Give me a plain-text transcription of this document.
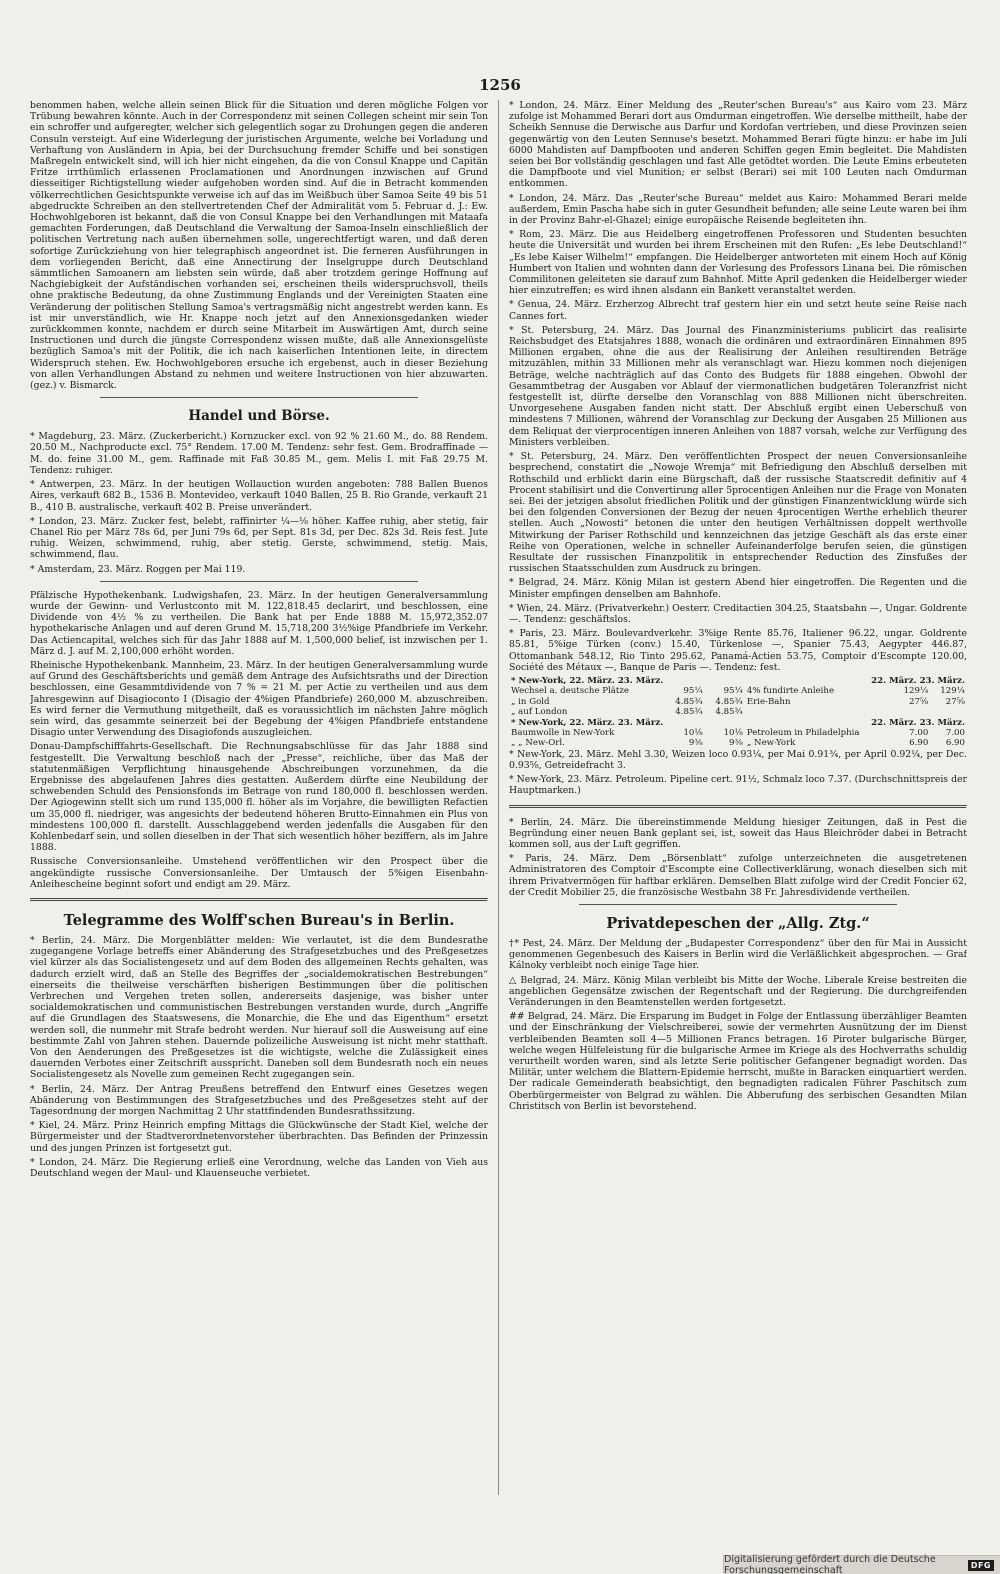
1256

benommen haben, welche allein seinen Blick für die Situation und deren mögliche Folgen vor Trübung bewahren könnte. Auch in der Correspondenz mit seinen Collegen scheint mir sein Ton ein schroffer und aufgeregter, welcher sich gelegentlich sogar zu Drohungen gegen die anderen Consuln versteigt. Auf eine Widerlegung der juristischen Argumente, welche bei Vorladung und Verhaftung von Ausländern in Apia, bei der Durchsuchung fremder Schiffe und bei sonstigen Maßregeln entwickelt sind, will ich hier nicht eingehen, da die von Consul Knappe und Capitän Fritze irrthümlich erlassenen Proclamationen und Anordnungen inzwischen auf Grund diesseitiger Richtigstellung wieder aufgehoben worden sind. Auf die in Betracht kommenden völkerrechtlichen Gesichtspunkte verweise ich auf das im Weißbuch über Samoa Seite 49 bis 51 abgedruckte Schreiben an den stellvertretenden Chef der Admiralität vom 5. Februar d. J.: Ew. Hochwohlgeboren ist bekannt, daß die von Consul Knappe bei den Verhandlungen mit Mataafa gemachten Forderungen, daß Deutschland die Verwaltung der Samoa-Inseln einschließlich der politischen Vertretung nach außen übernehmen solle, ungerechtfertigt waren, und daß deren sofortige Zurückziehung von hier telegraphisch angeordnet ist. Die ferneren Ausführungen in dem vorliegenden Bericht, daß eine Annectirung der Inselgruppe durch Deutschland sämmtlichen Samoanern am liebsten sein würde, daß aber trotzdem geringe Hoffnung auf Nachgiebigkeit der Aufständischen vorhanden sei, erscheinen theils widerspruchsvoll, theils ohne praktische Bedeutung, da ohne Zustimmung Englands und der Vereinigten Staaten eine Veränderung der politischen Stellung Samoa's vertragsmäßig nicht angestrebt werden kann. Es ist mir unverständlich, wie Hr. Knappe noch jetzt auf den Annexionsgedanken wieder zurückkommen konnte, nachdem er durch seine Mitarbeit im Auswärtigen Amt, durch seine Instructionen und durch die jüngste Correspondenz wissen mußte, daß alle Annexionsgelüste bezüglich Samoa's mit der Politik, die ich nach kaiserlichen Intentionen leite, in directem Widerspruch stehen. Ew. Hochwohlgeboren ersuche ich ergebenst, auch in dieser Beziehung von allen Verhandlungen Abstand zu nehmen und weitere Instructionen von hier abzuwarten. (gez.) v. Bismarck.

Handel und Börse.

* Magdeburg, 23. März. (Zuckerbericht.) Kornzucker excl. von 92 % 21.60 M., do. 88 Rendem. 20.50 M., Nachproducte excl. 75° Rendem. 17.00 M. Tendenz: sehr fest. Gem. Brodraffinade — M. do. feine 31.00 M., gem. Raffinade mit Faß 30.85 M., gem. Melis I. mit Faß 29.75 M. Tendenz: ruhiger.

* Antwerpen, 23. März. In der heutigen Wollauction wurden angeboten: 788 Ballen Buenos Aires, verkauft 682 B., 1536 B. Montevideo, verkauft 1040 Ballen, 25 B. Rio Grande, verkauft 21 B., 410 B. australische, verkauft 402 B. Preise unverändert.

* London, 23. März. Zucker fest, belebt, raffinirter ¼—⅛ höher. Kaffee ruhig, aber stetig, fair Chanel Rio per März 78s 6d, per Juni 79s 6d, per Sept. 81s 3d, per Dec. 82s 3d. Reis fest. Jute ruhig. Weizen, schwimmend, ruhig, aber stetig. Gerste, schwimmend, stetig. Mais, schwimmend, flau.

* Amsterdam, 23. März. Roggen per Mai 119.

Pfälzische Hypothekenbank. Ludwigshafen, 23. März. In der heutigen Generalversammlung wurde der Gewinn- und Verlustconto mit M. 122,818.45 declarirt, und beschlossen, eine Dividende von 4½ % zu vertheilen. Die Bank hat per Ende 1888 M. 15,972,352.07 hypothekarische Anlagen und auf deren Grund M. 15,718,200 3½%ige Pfandbriefe im Verkehr. Das Actiencapital, welches sich für das Jahr 1888 auf M. 1,500,000 belief, ist inzwischen per 1. März d. J. auf M. 2,100,000 erhöht worden.

Rheinische Hypothekenbank. Mannheim, 23. März. In der heutigen Generalversammlung wurde auf Grund des Geschäftsberichts und gemäß dem Antrage des Aufsichtsraths und der Direction beschlossen, eine Gesammtdividende von 7 % = 21 M. per Actie zu vertheilen und aus dem Jahresgewinn auf Disagioconto I (Disagio der 4%igen Pfandbriefe) 260,000 M. abzuschreiben. Es wird ferner die Vermuthung mitgetheilt, daß es voraussichtlich im nächsten Jahre möglich sein wird, das gesammte seinerzeit bei der Begebung der 4%igen Pfandbriefe entstandene Disagio unter Verwendung des Disagiofonds auszugleichen.

Donau-Dampfschifffahrts-Gesellschaft. Die Rechnungsabschlüsse für das Jahr 1888 sind festgestellt. Die Verwaltung beschloß nach der „Presse“, reichliche, über das Maß der statutenmäßigen Verpflichtung hinausgehende Abschreibungen vorzunehmen, da die Ergebnisse des abgelaufenen Jahres dies gestatten. Außerdem dürfte eine Neubildung der schwebenden Schuld des Pensionsfonds im Betrage von rund 180,000 fl. beschlossen werden. Der Agiogewinn stellt sich um rund 135,000 fl. höher als im Vorjahre, die bewilligten Refactien um 35,000 fl. niedriger, was angesichts der bedeutend höheren Brutto-Einnahmen ein Plus von mindestens 100,000 fl. darstellt. Ausschlaggebend werden jedenfalls die Ausgaben für den Kohlenbedarf sein, und sollen dieselben in der That sich wesentlich höher beziffern, als im Jahre 1888.

Russische Conversionsanleihe. Umstehend veröffentlichen wir den Prospect über die angekündigte russische Conversionsanleihe. Der Umtausch der 5%igen Eisenbahn-Anleihescheine beginnt sofort und endigt am 29. März.

Telegramme des Wolff'schen Bureau's in Berlin.

* Berlin, 24. März. Die Morgenblätter melden: Wie verlautet, ist die dem Bundesrathe zugegangene Vorlage betreffs einer Abänderung des Strafgesetzbuches und des Preßgesetzes viel kürzer als das Socialistengesetz und auf dem Boden des allgemeinen Rechts gehalten, was dadurch erzielt wird, daß an Stelle des Begriffes der „socialdemokratischen Bestrebungen“ einerseits die theilweise verschärften bisherigen Bestimmungen über die politischen Verbrechen und Vergehen treten sollen, andererseits dasjenige, was bisher unter socialdemokratischen und communistischen Bestrebungen verstanden wurde, durch „Angriffe auf die Grundlagen des Staatswesens, die Monarchie, die Ehe und das Eigenthum“ ersetzt werden soll, die nunmehr mit Strafe bedroht werden. Nur hierauf soll die Ausweisung auf eine bestimmte Zahl von Jahren stehen. Dauernde polizeiliche Ausweisung ist nicht mehr statthaft. Von den Aenderungen des Preßgesetzes ist die wichtigste, welche die Zulässigkeit eines dauernden Verbotes einer Zeitschrift ausspricht. Daneben soll dem Bundesrath noch ein neues Socialistengesetz als Novelle zum gemeinen Recht zugegangen sein.

* Berlin, 24. März. Der Antrag Preußens betreffend den Entwurf eines Gesetzes wegen Abänderung von Bestimmungen des Strafgesetzbuches und des Preßgesetzes steht auf der Tagesordnung der morgen Nachmittag 2 Uhr stattfindenden Bundesrathssitzung.

* Kiel, 24. März. Prinz Heinrich empfing Mittags die Glückwünsche der Stadt Kiel, welche der Bürgermeister und der Stadtverordnetenvorsteher überbrachten. Das Befinden der Prinzessin und des jungen Prinzen ist fortgesetzt gut.

* London, 24. März. Die Regierung erließ eine Verordnung, welche das Landen von Vieh aus Deutschland wegen der Maul- und Klauenseuche verbietet.

* London, 24. März. Einer Meldung des „Reuter'schen Bureau's“ aus Kairo vom 23. März zufolge ist Mohammed Berari dort aus Omdurman eingetroffen. Wie derselbe mittheilt, habe der Scheikh Sennuse die Derwische aus Darfur und Kordofan vertrieben, und diese Provinzen seien gegenwärtig von den Leuten Sennuse's besetzt. Mohammed Berari fügte hinzu: er habe im Juli 6000 Mahdisten auf Dampfbooten und anderen Schiffen gegen Emin begleitet. Die Mahdisten seien bei Bor vollständig geschlagen und fast Alle getödtet worden. Die Leute Emins erbeuteten die Dampfboote und viel Munition; er selbst (Berari) sei mit 100 Leuten nach Omdurman entkommen.

* London, 24. März. Das „Reuter'sche Bureau“ meldet aus Kairo: Mohammed Berari melde außerdem, Emin Pascha habe sich in guter Gesundheit befunden; alle seine Leute waren bei ihm in der Provinz Bahr-el-Ghazel; einige europäische Reisende begleiteten ihn.

* Rom, 23. März. Die aus Heidelberg eingetroffenen Professoren und Studenten besuchten heute die Universität und wurden bei ihrem Erscheinen mit den Rufen: „Es lebe Deutschland!“ „Es lebe Kaiser Wilhelm!“ empfangen. Die Heidelberger antworteten mit einem Hoch auf König Humbert von Italien und wohnten dann der Vorlesung des Professors Linana bei. Die römischen Commilitonen geleiteten sie darauf zum Bahnhof. Mitte April gedenken die Heidelberger wieder hier einzutreffen; es wird ihnen alsdann ein Bankett veranstaltet werden.

* Genua, 24. März. Erzherzog Albrecht traf gestern hier ein und setzt heute seine Reise nach Cannes fort.

* St. Petersburg, 24. März. Das Journal des Finanzministeriums publicirt das realisirte Reichsbudget des Etatsjahres 1888, wonach die ordinären und extraordinären Einnahmen 895 Millionen ergaben, ohne die aus der Realisirung der Anleihen resultirenden Beträge mitzuzählen, mithin 33 Millionen mehr als veranschlagt war. Hiezu kommen noch diejenigen Beträge, welche nachträglich auf das Conto des Budgets für 1888 eingehen. Obwohl der Gesammtbetrag der Ausgaben vor Ablauf der viermonatlichen budgetären Toleranzfrist nicht festgestellt ist, dürfte derselbe den Voranschlag von 888 Millionen nicht überschreiten. Unvorgesehene Ausgaben fanden nicht statt. Der Abschluß ergibt einen Ueberschuß von mindestens 7 Millionen, während der Voranschlag zur Deckung der Ausgaben 25 Millionen aus dem Reliquat der vierprocentigen inneren Anleihen von 1887 vorsah, welche zur Verfügung des Ministers verbleiben.

* St. Petersburg, 24. März. Den veröffentlichten Prospect der neuen Conversionsanleihe besprechend, constatirt die „Nowoje Wremja“ mit Befriedigung den Abschluß derselben mit Rothschild und erblickt darin eine Bürgschaft, daß der russische Staatscredit definitiv auf 4 Procent stabilisirt und die Convertirung aller 5procentigen Anleihen nur die Frage von Monaten sei. Bei der jetzigen absolut friedlichen Politik und der günstigen Finanzentwicklung würde sich bei den folgenden Conversionen der Bezug der neuen 4procentigen Werthe erheblich theurer stellen. Auch „Nowosti“ betonen die unter den heutigen Verhältnissen doppelt werthvolle Mitwirkung der Pariser Rothschild und kennzeichnen das jetzige Geschäft als das erste einer Reihe von Operationen, welche in schneller Aufeinanderfolge berufen seien, die günstigen Resultate der russischen Finanzpolitik in entsprechender Reduction des Zinsfußes der russischen Staatsschulden zum Ausdruck zu bringen.

* Belgrad, 24. März. König Milan ist gestern Abend hier eingetroffen. Die Regenten und die Minister empfingen denselben am Bahnhofe.

* Wien, 24. März. (Privatverkehr.) Oesterr. Creditactien 304.25, Staatsbahn —, Ungar. Goldrente —. Tendenz: geschäftslos.

* Paris, 23. März. Boulevardverkehr. 3%ige Rente 85.76, Italiener 96.22, ungar. Goldrente 85.81, 5%ige Türken (conv.) 15.40, Türkenlose —, Spanier 75.43, Aegypter 446.87, Ottomanbank 548.12, Rio Tinto 295.62, Panamá-Actien 53.75, Comptoir d'Escompte 120.00, Société des Métaux —, Banque de Paris —. Tendenz: fest.

* New-York, 22. März. 23. März.			22. März. 23. März.		
Wechsel a. deutsche Plätze	95¼	95¼	4% fundirte Anleihe	129¼	129¼
„ in Gold	4.85¾	4.85¾	Erie-Bahn	27⅝	27⅝
„ auf London	4.85¾	4.85¾			
* New-York, 22. März. 23. März.			22. März. 23. März.		
Baumwolle in New-York	10⅛	10⅛	Petroleum in Philadelphia	7.00	7.00
„ „ New-Orl.	9⅜	9⅜	„ New-York	6.90	6.90

* New-York, 23. März. Mehl 3.30, Weizen loco 0.93¼, per Mai 0.91¾, per April 0.92¼, per Dec. 0.93⅝, Getreidefracht 3.

* New-York, 23. März. Petroleum. Pipeline cert. 91½, Schmalz loco 7.37. (Durchschnittspreis der Hauptmarken.)

* Berlin, 24. März. Die übereinstimmende Meldung hiesiger Zeitungen, daß in Pest die Begründung einer neuen Bank geplant sei, ist, soweit das Haus Bleichröder dabei in Betracht kommen soll, aus der Luft gegriffen.

* Paris, 24. März. Dem „Börsenblatt“ zufolge unterzeichneten die ausgetretenen Administratoren des Comptoir d'Escompte eine Collectiverklärung, wonach dieselben sich mit ihrem Privatvermögen für haftbar erklären. Demselben Blatt zufolge wird der Credit Foncier 62, der Credit Mobilier 25, die französische Westbahn 38 Fr. Jahresdividende vertheilen.

Privatdepeschen der „Allg. Ztg.“

†* Pest, 24. März. Der Meldung der „Budapester Correspondenz“ über den für Mai in Aussicht genommenen Gegenbesuch des Kaisers in Berlin wird die Verläßlichkeit abgesprochen. — Graf Kálnoky verbleibt noch einige Tage hier.

△ Belgrad, 24. März. König Milan verbleibt bis Mitte der Woche. Liberale Kreise bestreiten die angeblichen Gegensätze zwischen der Regentschaft und der Regierung. Die durchgreifenden Veränderungen in den Beamtenstellen werden fortgesetzt.

## Belgrad, 24. März. Die Ersparung im Budget in Folge der Entlassung überzähliger Beamten und der Einschränkung der Vielschreiberei, sowie der vermehrten Ausnützung der im Dienst verbleibenden Beamten soll 4—5 Millionen Francs betragen. 16 Piroter bulgarische Bürger, welche wegen Hülfeleistung für die bulgarische Armee im Kriege als des Hochverraths schuldig verurtheilt worden waren, sind als letzte Serie politischer Gefangener begnadigt worden. Das Militär, unter welchem die Blattern-Epidemie herrscht, mußte in Baracken einquartiert werden. Der radicale Gemeinderath beabsichtigt, den begnadigten radicalen Führer Paschitsch zum Oberbürgermeister von Belgrad zu wählen. Die Abberufung des serbischen Gesandten Milan Christitsch von Berlin ist bevorstehend.

Digitalisierung gefördert durch die Deutsche Forschungsgemeinschaft	DFG
